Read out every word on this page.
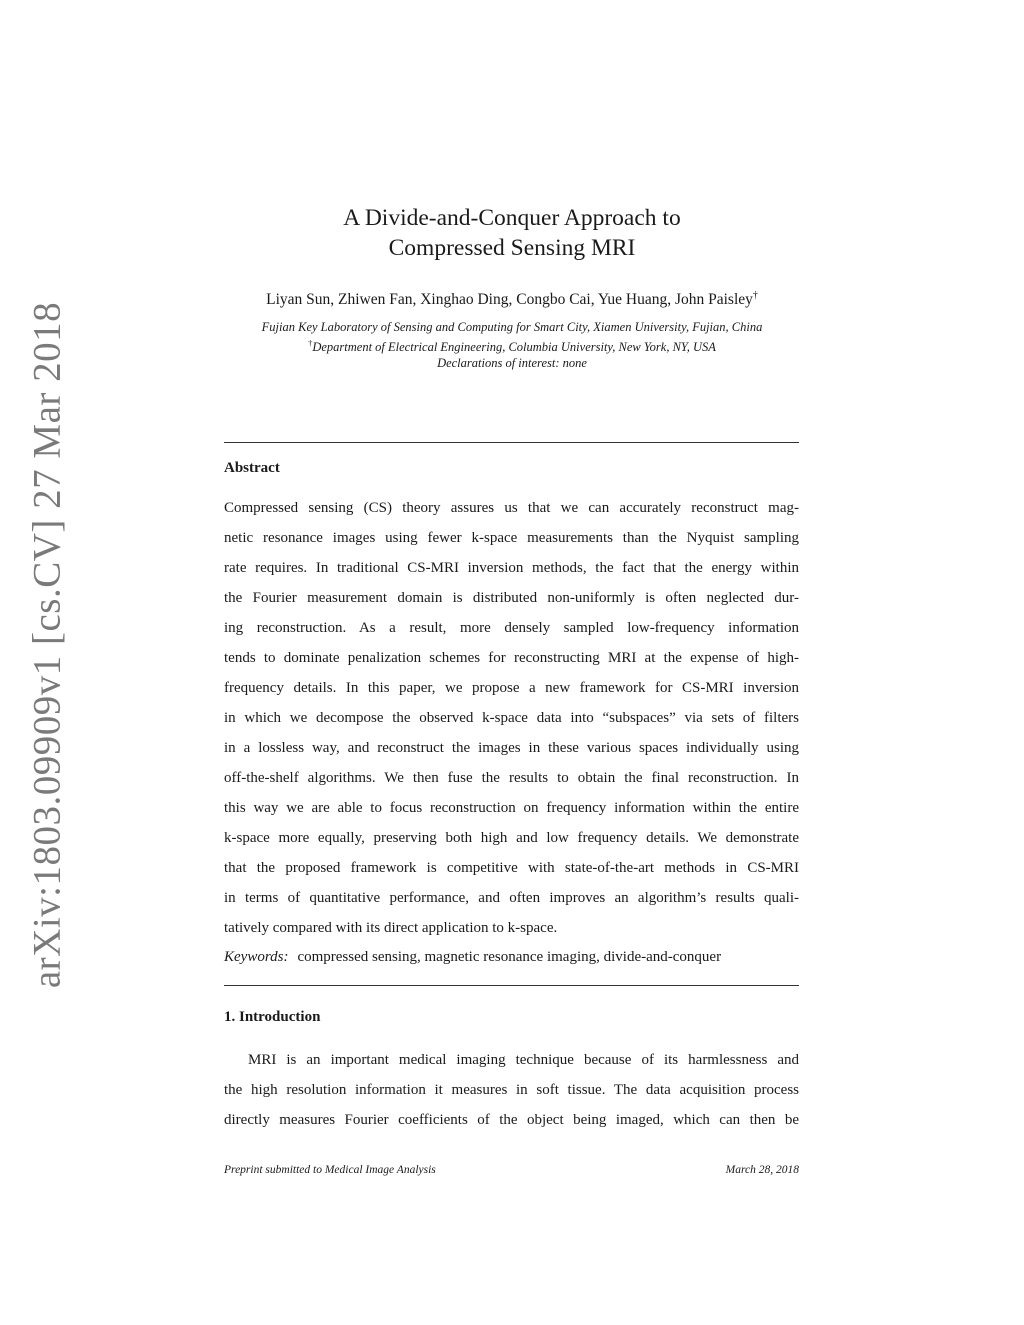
arXiv:1803.09909v1 [cs.CV] 27 Mar 2018
A Divide-and-Conquer Approach to
Compressed Sensing MRI
Liyan Sun, Zhiwen Fan, Xinghao Ding, Congbo Cai, Yue Huang, John Paisley†
Fujian Key Laboratory of Sensing and Computing for Smart City, Xiamen University, Fujian, China
†Department of Electrical Engineering, Columbia University, New York, NY, USA
Declarations of interest: none
Abstract
Compressed sensing (CS) theory assures us that we can accurately reconstruct mag-
netic resonance images using fewer k-space measurements than the Nyquist sampling
rate requires. In traditional CS-MRI inversion methods, the fact that the energy within
the Fourier measurement domain is distributed non-uniformly is often neglected dur-
ing reconstruction. As a result, more densely sampled low-frequency information
tends to dominate penalization schemes for reconstructing MRI at the expense of high-
frequency details. In this paper, we propose a new framework for CS-MRI inversion
in which we decompose the observed k-space data into “subspaces” via sets of filters
in a lossless way, and reconstruct the images in these various spaces individually using
off-the-shelf algorithms. We then fuse the results to obtain the final reconstruction. In
this way we are able to focus reconstruction on frequency information within the entire
k-space more equally, preserving both high and low frequency details. We demonstrate
that the proposed framework is competitive with state-of-the-art methods in CS-MRI
in terms of quantitative performance, and often improves an algorithm’s results quali-
tatively compared with its direct application to k-space.
Keywords: compressed sensing, magnetic resonance imaging, divide-and-conquer
1. Introduction
MRI is an important medical imaging technique because of its harmlessness and
the high resolution information it measures in soft tissue. The data acquisition process
directly measures Fourier coefficients of the object being imaged, which can then be
Preprint submitted to Medical Image Analysis	March 28, 2018
